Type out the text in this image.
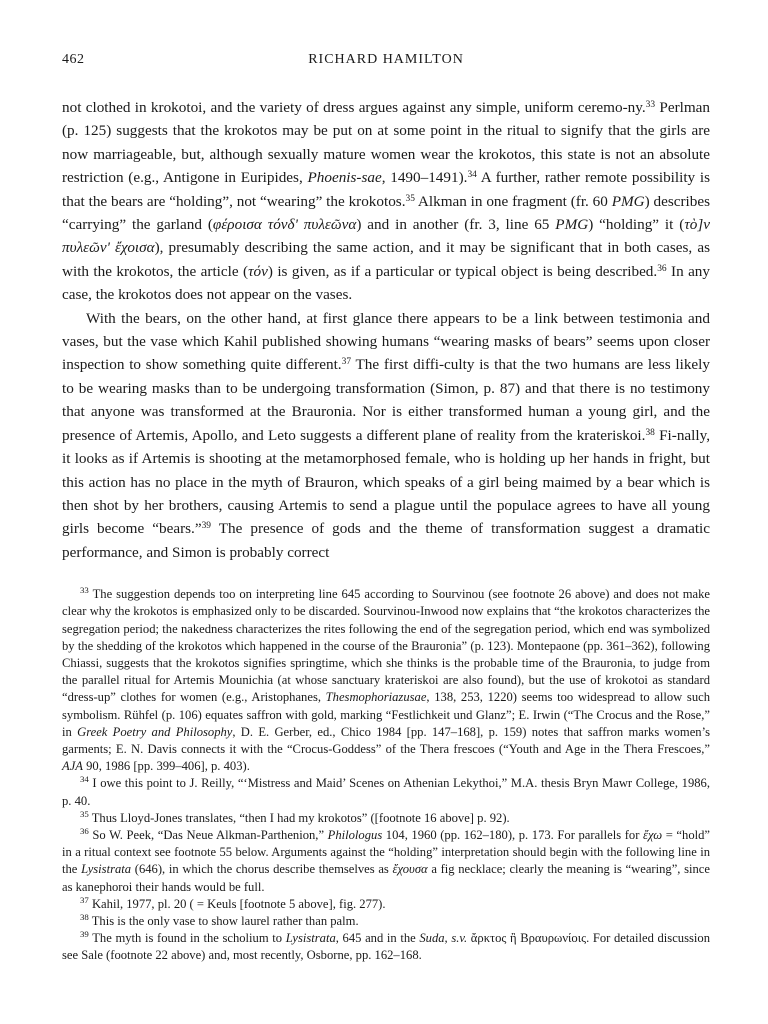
462	RICHARD HAMILTON

not clothed in krokotoi, and the variety of dress argues against any simple, uniform ceremo-ny.$^{33}$ Perlman (p. 125) suggests that the krokotos may be put on at some point in the ritual to signify that the girls are now marriageable, but, although sexually mature women wear the krokotos, this state is not an absolute restriction (e.g., Antigone in Euripides, Phoenis-sae, 1490–1491).$^{34}$ A further, rather remote possibility is that the bears are “holding”, not “wearing” the krokotos.$^{35}$ Alkman in one fragment (fr. 60 PMG) describes “carrying” the garland (φέροισα τόνδ' πυλεῶνα) and in another (fr. 3, line 65 PMG) “holding” it (τὸ]ν πυλεῶν' ἔχοισα), presumably describing the same action, and it may be significant that in both cases, as with the krokotos, the article (τόν) is given, as if a particular or typical object is being described.$^{36}$ In any case, the krokotos does not appear on the vases.

With the bears, on the other hand, at first glance there appears to be a link between testimonia and vases, but the vase which Kahil published showing humans “wearing masks of bears” seems upon closer inspection to show something quite different.$^{37}$ The first diffi-culty is that the two humans are less likely to be wearing masks than to be undergoing transformation (Simon, p. 87) and that there is no testimony that anyone was transformed at the Brauronia. Nor is either transformed human a young girl, and the presence of Artemis, Apollo, and Leto suggests a different plane of reality from the krateriskoi.$^{38}$ Fi-nally, it looks as if Artemis is shooting at the metamorphosed female, who is holding up her hands in fright, but this action has no place in the myth of Brauron, which speaks of a girl being maimed by a bear which is then shot by her brothers, causing Artemis to send a plague until the populace agrees to have all young girls become “bears.”$^{39}$ The presence of gods and the theme of transformation suggest a dramatic performance, and Simon is probably correct

$^{33}$ The suggestion depends too on interpreting line 645 according to Sourvinou (see footnote 26 above) and does not make clear why the krokotos is emphasized only to be discarded. Sourvinou-Inwood now explains that “the krokotos characterizes the segregation period; the nakedness characterizes the rites following the end of the segregation period, which end was symbolized by the shedding of the krokotos which happened in the course of the Brauronia” (p. 123). Montepaone (pp. 361–362), following Chiassi, suggests that the krokotos signifies springtime, which she thinks is the probable time of the Brauronia, to judge from the parallel ritual for Artemis Mounichia (at whose sanctuary krateriskoi are also found), but the use of krokotoi as standard “dress-up” clothes for women (e.g., Aristophanes, Thesmophoriazusae, 138, 253, 1220) seems too widespread to allow such symbolism. Rühfel (p. 106) equates saffron with gold, marking “Festlichkeit und Glanz”; E. Irwin (“The Crocus and the Rose,” in Greek Poetry and Philosophy, D. E. Gerber, ed., Chico 1984 [pp. 147–168], p. 159) notes that saffron marks women’s garments; E. N. Davis connects it with the “Crocus-Goddess” of the Thera frescoes (“Youth and Age in the Thera Frescoes,” AJA 90, 1986 [pp. 399–406], p. 403).

$^{34}$ I owe this point to J. Reilly, “‘Mistress and Maid’ Scenes on Athenian Lekythoi,” M.A. thesis Bryn Mawr College, 1986, p. 40.

$^{35}$ Thus Lloyd-Jones translates, “then I had my krokotos” ([footnote 16 above] p. 92).

$^{36}$ So W. Peek, “Das Neue Alkman-Parthenion,” Philologus 104, 1960 (pp. 162–180), p. 173. For parallels for ἔχω = “hold” in a ritual context see footnote 55 below. Arguments against the “holding” interpretation should begin with the following line in the Lysistrata (646), in which the chorus describe themselves as ἔχουσα a fig necklace; clearly the meaning is “wearing”, since as kanephoroi their hands would be full.

$^{37}$ Kahil, 1977, pl. 20 ( = Keuls [footnote 5 above], fig. 277).

$^{38}$ This is the only vase to show laurel rather than palm.

$^{39}$ The myth is found in the scholium to Lysistrata, 645 and in the Suda, s.v. ἄρκτος ἢ Βραυρωνίοις. For detailed discussion see Sale (footnote 22 above) and, most recently, Osborne, pp. 162–168.
